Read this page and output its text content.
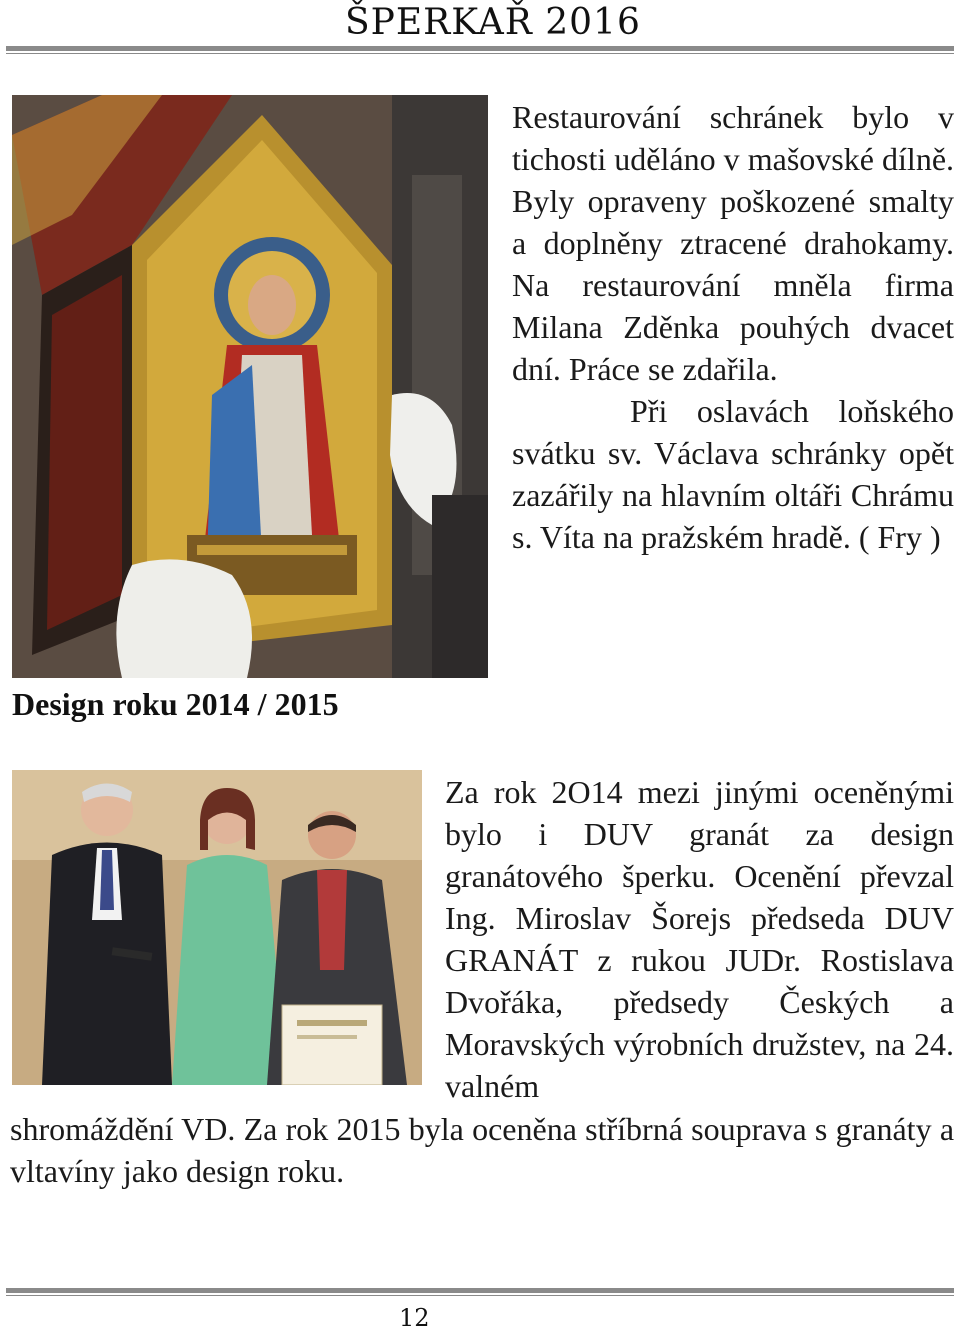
ŠPERKAŘ 2016

Restaurování schránek bylo v tichosti uděláno v mašovské dílně. Byly opraveny poškozené smalty a doplněny ztracené drahokamy. Na restaurování mněla firma Milana Zděnka pouhých dvacet dní. Práce se zdařila.
Při oslavách loňského svátku sv. Václava schránky opět zazářily na hlavním oltáři Chrámu s. Víta na pražském hradě. ( Fry )

Design roku 2014 / 2015

Za rok 2O14 mezi jinými oceněnými bylo i DUV granát za design granátového šperku. Ocenění převzal Ing. Miroslav Šorejs předseda DUV GRANÁT z rukou JUDr. Rostislava Dvořáka, předsedy Českých a Moravských výrobních družstev, na 24. valném

shromáždění VD. Za rok 2015 byla oceněna stříbrná souprava s granáty a vltavíny jako design roku.

12
